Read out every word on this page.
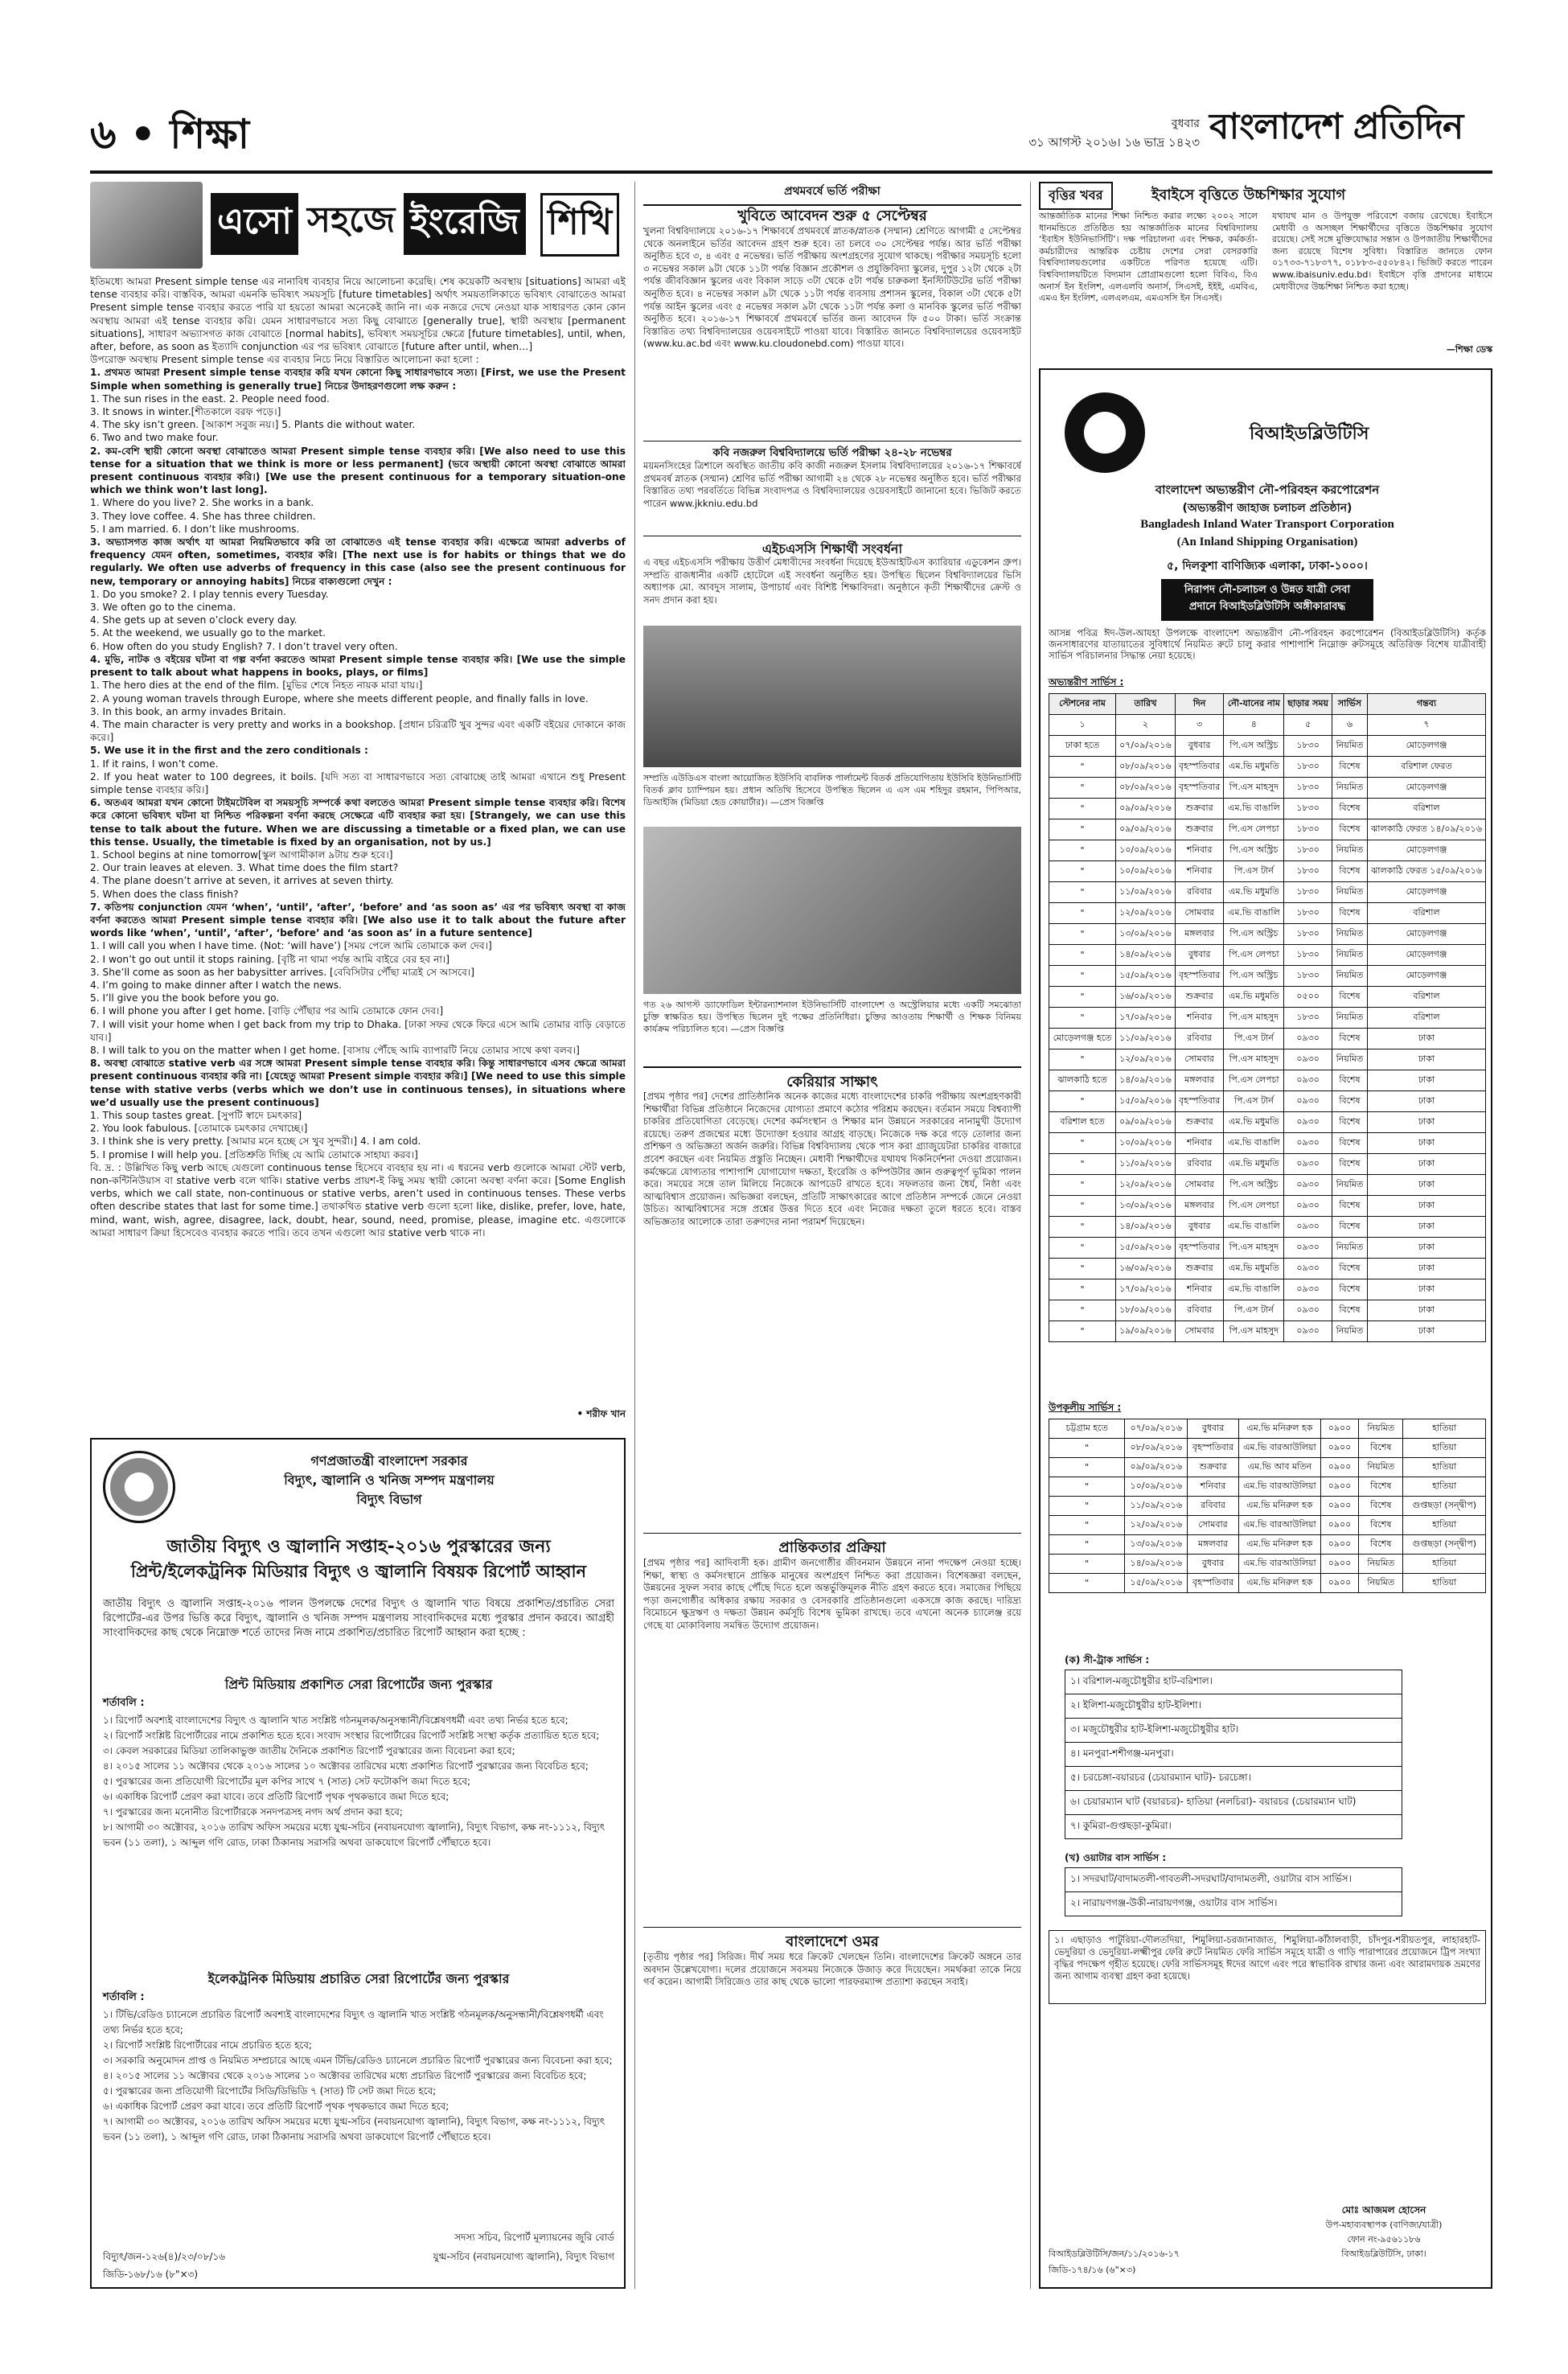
৬ • শিক্ষা	বুধবার
৩১ আগস্ট ২০১৬। ১৬ ভাদ্র ১৪২৩ বাংলাদেশ প্রতিদিন
এসো সহজে ইংরেজি শিখি

ইতিমধ্যে আমরা Present simple tense এর নানাবিধ ব্যবহার নিয়ে আলোচনা করেছি। শেষ কয়েকটি অবস্থায় [situations] আমরা এই tense ব্যবহার করি। বাস্তবিক, আমরা এমনকি ভবিষ্যৎ সময়সূচি [future timetables] অর্থাৎ সময়তালিকাতে ভবিষ্যৎ বোঝাতেও আমরা Present simple tense ব্যবহার করতে পারি যা হয়তো আমরা অনেকেই জানি না। এক নজরে দেখে নেওয়া যাক সাধারণত কোন কোন অবস্থায় আমরা এই tense ব্যবহার করি। যেমন সাধারণভাবে সত্য কিছু বোঝাতে [generally true], স্থায়ী অবস্থায় [permanent situations], সাধারণ অভ্যাসগত কাজ বোঝাতে [normal habits], ভবিষ্যৎ সময়সূচির ক্ষেত্রে [future timetables], until, when, after, before, as soon as ইত্যাদি conjunction এর পর ভবিষ্যৎ বোঝাতে [future after until, when…]

উপরোক্ত অবস্থায় Present simple tense এর ব্যবহার নিচে নিয়ে বিস্তারিত আলোচনা করা হলো :

1. প্রথমত আমরা Present simple tense ব্যবহার করি যখন কোনো কিছু সাধারণভাবে সত্য। [First, we use the Present Simple when something is generally true] নিচের উদাহরণগুলো লক্ষ করুন :

1. The sun rises in the east. 2. People need food.
3. It snows in winter.[শীতকালে বরফ পড়ে।]
4. The sky isn’t green. [আকাশ সবুজ নয়।] 5. Plants die without water.
6. Two and two make four.

2. কম-বেশি স্থায়ী কোনো অবস্থা বোঝাতেও আমরা Present simple tense ব্যবহার করি। [We also need to use this tense for a situation that we think is more or less permanent] (ভবে অস্থায়ী কোনো অবস্থা বোঝাতে আমরা present continuous ব্যবহার করি।) [We use the present continuous for a temporary situation-one which we think won’t last long].

1. Where do you live? 2. She works in a bank.
3. They love coffee. 4. She has three children.
5. I am married. 6. I don’t like mushrooms.

3. অভ্যাসগত কাজ অর্থাৎ যা আমরা নিয়মিতভাবে করি তা বোঝাতেও এই tense ব্যবহার করি। এক্ষেত্রে আমরা adverbs of frequency যেমন often, sometimes, ব্যবহার করি। [The next use is for habits or things that we do regularly. We often use adverbs of frequency in this case (also see the present continuous for new, temporary or annoying habits] নিচের বাক্যগুলো দেখুন :

1. Do you smoke? 2. I play tennis every Tuesday.
3. We often go to the cinema.
4. She gets up at seven o’clock every day.
5. At the weekend, we usually go to the market.
6. How often do you study English? 7. I don’t travel very often.

4. মুভি, নাটক ও বইয়ের ঘটনা বা গল্প বর্ণনা করতেও আমরা Present simple tense ব্যবহার করি। [We use the simple present to talk about what happens in books, plays, or films]

1. The hero dies at the end of the film. [মুভির শেষে নিহত নায়ক মারা যায়।]
2. A young woman travels through Europe, where she meets different people, and finally falls in love.
3. In this book, an army invades Britain.
4. The main character is very pretty and works in a bookshop. [প্রধান চরিত্রটি খুব সুন্দর এবং একটি বইয়ের দোকানে কাজ করে।]

5. We use it in the first and the zero conditionals :

1. If it rains, I won’t come.
2. If you heat water to 100 degrees, it boils. [যদি সত্য বা সাধারণভাবে সত্য বোঝাচ্ছে তাই আমরা এখানে শুধু Present simple tense ব্যবহার করি।]

6. অতএব আমরা যখন কোনো টাইমটেবিল বা সময়সূচি সম্পর্কে কথা বলতেও আমরা Present simple tense ব্যবহার করি। বিশেষ করে কোনো ভবিষ্যৎ ঘটনা যা নিশ্চিত পরিকল্পনা বর্ণনা করছে সেক্ষেত্রে এটি ব্যবহার করা হয়। [Strangely, we can use this tense to talk about the future. When we are discussing a timetable or a fixed plan, we can use this tense. Usually, the timetable is fixed by an organisation, not by us.]

1. School begins at nine tomorrow[স্কুল আগামীকাল ৯টায় শুরু হবে।]
2. Our train leaves at eleven. 3. What time does the film start?
4. The plane doesn’t arrive at seven, it arrives at seven thirty.
5. When does the class finish?

7. কতিপয় conjunction যেমন ‘when’, ‘until’, ‘after’, ‘before’ and ‘as soon as’ এর পর ভবিষ্যৎ অবস্থা বা কাজ বর্ণনা করতেও আমরা Present simple tense ব্যবহার করি। [We also use it to talk about the future after words like ‘when’, ‘until’, ‘after’, ‘before’ and ‘as soon as’ in a future sentence]

1. I will call you when I have time. (Not: ‘will have’) [সময় পেলে আমি তোমাকে কল দেব।]
2. I won’t go out until it stops raining. [বৃষ্টি না থামা পর্যন্ত আমি বাইরে বের হব না।]
3. She’ll come as soon as her babysitter arrives. [বেবিসিটার পৌঁছা মাত্রই সে আসবে।]
4. I’m going to make dinner after I watch the news.
5. I’ll give you the book before you go.
6. I will phone you after I get home. [বাড়ি পৌঁছার পর আমি তোমাকে ফোন দেব।]
7. I will visit your home when I get back from my trip to Dhaka. [ঢাকা সফর থেকে ফিরে এসে আমি তোমার বাড়ি বেড়াতে যাব।]
8. I will talk to you on the matter when I get home. [বাসায় পৌঁছে আমি ব্যাপারটি নিয়ে তোমার সাথে কথা বলব।]

8. অবস্থা বোঝাতে stative verb এর সঙ্গে আমরা Present simple tense ব্যবহার করি। কিন্তু সাধারণভাবে এসব ক্ষেত্রে আমরা present continuous ব্যবহার করি না। [যেহেতু আমরা Present simple ব্যবহার করি।] [We need to use this simple tense with stative verbs (verbs which we don’t use in continuous tenses), in situations where we’d usually use the present continuous]

1. This soup tastes great. [সুপটি স্বাদে চমৎকার]
2. You look fabulous. [তোমাকে চমৎকার দেখাচ্ছে।]
3. I think she is very pretty. [আমার মনে হচ্ছে সে খুব সুন্দরী।] 4. I am cold.
5. I promise I will help you. [প্রতিশ্রুতি দিচ্ছি যে আমি তোমাকে সাহায্য করব।]

বি. দ্র. : উল্লিখিত কিছু verb আছে যেগুলো continuous tense হিসেবে ব্যবহার হয় না। এ ধরনের verb গুলোকে আমরা স্টেট verb, non-কন্টিনিউয়াস বা stative verb বলে থাকি। stative verbs প্রায়শ-ই কিছু সময় স্থায়ী কোনো অবস্থা বর্ণনা করে। [Some English verbs, which we call state, non-continuous or stative verbs, aren’t used in continuous tenses. These verbs often describe states that last for some time.] তথাকথিত stative verb গুলো হলো like, dislike, prefer, love, hate, mind, want, wish, agree, disagree, lack, doubt, hear, sound, need, promise, please, imagine etc. এগুলোকে আমরা সাধারণ ক্রিয়া হিসেবেও ব্যবহার করতে পারি। তবে তখন এগুলো আর stative verb থাকে না।

• শরীফ খান
গণপ্রজাতন্ত্রী বাংলাদেশ সরকার
বিদ্যুৎ, জ্বালানি ও খনিজ সম্পদ মন্ত্রণালয়
বিদ্যুৎ বিভাগ
জাতীয় বিদ্যুৎ ও জ্বালানি সপ্তাহ-২০১৬ পুরস্কারের জন্য
প্রিন্ট/ইলেকট্রনিক মিডিয়ার বিদ্যুৎ ও জ্বালানি বিষয়ক রিপোর্ট আহ্বান
জাতীয় বিদ্যুৎ ও জ্বালানি সপ্তাহ-২০১৬ পালন উপলক্ষে দেশের বিদ্যুৎ ও জ্বালানি খাত বিষয়ে প্রকাশিত/প্রচারিত সেরা রিপোর্টের-এর উপর ভিত্তি করে বিদ্যুৎ, জ্বালানি ও খনিজ সম্পদ মন্ত্রণালয় সাংবাদিকদের মধ্যে পুরস্কার প্রদান করবে। আগ্রহী সাংবাদিকদের কাছ থেকে নিম্নোক্ত শর্তে তাদের নিজ নামে প্রকাশিত/প্রচারিত রিপোর্ট আহ্বান করা হচ্ছে :
প্রিন্ট মিডিয়ায় প্রকাশিত সেরা রিপোর্টের জন্য পুরস্কার
শর্তাবলি :
১। রিপোর্ট অবশ্যই বাংলাদেশের বিদ্যুৎ ও জ্বালানি খাত সংশ্লিষ্ট গঠনমূলক/অনুসন্ধানী/বিশ্লেষণধর্মী এবং তথ্য নির্ভর হতে হবে;
২। রিপোর্ট সংশ্লিষ্ট রিপোর্টারের নামে প্রকাশিত হতে হবে। সংবাদ সংস্থার রিপোর্টারের রিপোর্ট সংশ্লিষ্ট সংস্থা কর্তৃক প্রত্যায়িত হতে হবে;
৩। কেবল সরকারের মিডিয়া তালিকাভুক্ত জাতীয় দৈনিকে প্রকাশিত রিপোর্ট পুরস্কারের জন্য বিবেচনা করা হবে;
৪। ২০১৫ সালের ১১ অক্টোবর থেকে ২০১৬ সালের ১০ অক্টোবর তারিখের মধ্যে প্রকাশিত রিপোর্ট পুরস্কারের জন্য বিবেচিত হবে;
৫। পুরস্কারের জন্য প্রতিযোগী রিপোর্টের মূল কপির সাথে ৭ (সাত) সেট ফটোকপি জমা দিতে হবে;
৬। একাধিক রিপোর্ট প্রেরণ করা যাবে। তবে প্রতিটি রিপোর্ট পৃথক পৃথকভাবে জমা দিতে হবে;
৭। পুরস্কারের জন্য মনোনীত রিপোর্টারকে সনদপত্রসহ নগদ অর্থ প্রদান করা হবে;
৮। আগামী ৩০ অক্টোবর, ২০১৬ তারিখ অফিস সময়ের মধ্যে যুগ্ম-সচিব (নবায়নযোগ্য জ্বালানি), বিদ্যুৎ বিভাগ, কক্ষ নং-১১১২, বিদ্যুৎ ভবন (১১ তলা), ১ আব্দুল গণি রোড, ঢাকা ঠিকানায় সরাসরি অথবা ডাকযোগে রিপোর্ট পৌঁছাতে হবে।
ইলেকট্রনিক মিডিয়ায় প্রচারিত সেরা রিপোর্টের জন্য পুরস্কার
শর্তাবলি :
১। টিভি/রেডিও চ্যানেলে প্রচারিত রিপোর্ট অবশ্যই বাংলাদেশের বিদ্যুৎ ও জ্বালানি খাত সংশ্লিষ্ট গঠনমূলক/অনুসন্ধানী/বিশ্লেষণধর্মী এবং তথ্য নির্ভর হতে হবে;
২। রিপোর্ট সংশ্লিষ্ট রিপোর্টারের নামে প্রচারিত হতে হবে;
৩। সরকারি অনুমোদন প্রাপ্ত ও নিয়মিত সম্প্রচারে আছে এমন টিভি/রেডিও চ্যানেলে প্রচারিত রিপোর্ট পুরস্কারের জন্য বিবেচনা করা হবে;
৪। ২০১৫ সালের ১১ অক্টোবর থেকে ২০১৬ সালের ১০ অক্টোবর তারিখের মধ্যে প্রচারিত রিপোর্ট পুরস্কারের জন্য বিবেচিত হবে;
৫। পুরস্কারের জন্য প্রতিযোগী রিপোর্টের সিডি/ডিভিডি ৭ (সাত) টি সেট জমা দিতে হবে;
৬। একাধিক রিপোর্ট প্রেরণ করা যাবে। তবে প্রতিটি রিপোর্ট পৃথক পৃথকভাবে জমা দিতে হবে;
৭। আগামী ৩০ অক্টোবর, ২০১৬ তারিখ অফিস সময়ের মধ্যে যুগ্ম-সচিব (নবায়নযোগ্য জ্বালানি), বিদ্যুৎ বিভাগ, কক্ষ নং-১১১২, বিদ্যুৎ ভবন (১১ তলা), ১ আব্দুল গণি রোড, ঢাকা ঠিকানায় সরাসরি অথবা ডাকযোগে রিপোর্ট পৌঁছাতে হবে।
সদস্য সচিব, রিপোর্ট মূল্যায়নের জুরি বোর্ড
বিদ্যুৎ/জন-১২৬(৪)/২৩/০৮/১৬	যুগ্ম-সচিব (নবায়নযোগ্য জ্বালানি), বিদ্যুৎ বিভাগ
জিডি-১৬৮/১৬ (৮"×৩)
প্রথমবর্ষে ভর্তি পরীক্ষা
খুবিতে আবেদন শুরু ৫ সেপ্টেম্বর
খুলনা বিশ্ববিদ্যালয়ে ২০১৬-১৭ শিক্ষাবর্ষে প্রথমবর্ষে স্নাতক/স্নাতক (সম্মান) শ্রেণিতে আগামী ৫ সেপ্টেম্বর থেকে অনলাইনে ভর্তির আবেদন গ্রহণ শুরু হবে। তা চলবে ৩০ সেপ্টেম্বর পর্যন্ত। আর ভর্তি পরীক্ষা অনুষ্ঠিত হবে ৩, ৪ এবং ৫ নভেম্বর। ভর্তি পরীক্ষায় অংশগ্রহণের সুযোগ থাকছে। পরীক্ষার সময়সূচি হলো ৩ নভেম্বর সকাল ৯টা থেকে ১১টা পর্যন্ত বিজ্ঞান প্রকৌশল ও প্রযুক্তিবিদ্যা স্কুলের, দুপুর ১২টা থেকে ২টা পর্যন্ত জীববিজ্ঞান স্কুলের এবং বিকাল সাড়ে ৩টা থেকে ৫টা পর্যন্ত চারুকলা ইনস্টিটিউটের ভর্তি পরীক্ষা অনুষ্ঠিত হবে। ৪ নভেম্বর সকাল ৯টা থেকে ১১টা পর্যন্ত ব্যবসায় প্রশাসন স্কুলের, বিকাল ৩টা থেকে ৫টা পর্যন্ত আইন স্কুলের এবং ৫ নভেম্বর সকাল ৯টা থেকে ১১টা পর্যন্ত কলা ও মানবিক স্কুলের ভর্তি পরীক্ষা অনুষ্ঠিত হবে। ২০১৬-১৭ শিক্ষাবর্ষে প্রথমবর্ষে ভর্তির জন্য আবেদন ফি ৫০০ টাকা। ভর্তি সংক্রান্ত বিস্তারিত তথ্য বিশ্ববিদ্যালয়ের ওয়েবসাইটে পাওয়া যাবে। বিস্তারিত জানতে বিশ্ববিদ্যালয়ের ওয়েবসাইট (www.ku.ac.bd এবং www.ku.cloudonebd.com) পাওয়া যাবে।
কবি নজরুল বিশ্ববিদ্যালয়ে ভর্তি পরীক্ষা ২৪-২৮ নভেম্বর
ময়মনসিংহের ত্রিশালে অবস্থিত জাতীয় কবি কাজী নজরুল ইসলাম বিশ্ববিদ্যালয়ের ২০১৬-১৭ শিক্ষাবর্ষে প্রথমবর্ষ স্নাতক (সম্মান) শ্রেণির ভর্তি পরীক্ষা আগামী ২৪ থেকে ২৮ নভেম্বর অনুষ্ঠিত হবে। ভর্তি পরীক্ষার বিস্তারিত তথ্য পরবর্তিতে বিভিন্ন সংবাদপত্র ও বিশ্ববিদ্যালয়ের ওয়েবসাইটে জানানো হবে। ভিজিট করতে পারেন www.jkkniu.edu.bd
এইচএসসি শিক্ষার্থী সংবর্ধনা
এ বছর এইচএসসি পরীক্ষায় উত্তীর্ণ মেধাবীদের সংবর্ধনা দিয়েছে ইউআইটিএস ক্যারিয়ার এডুকেশন গ্রুপ। সম্প্রতি রাজধানীর একটি হোটেলে এই সংবর্ধনা অনুষ্ঠিত হয়। উপস্থিত ছিলেন বিশ্ববিদ্যালয়ের ভিসি অধ্যাপক মো. আবদুস সালাম, উপাচার্য এবং বিশিষ্ট শিক্ষাবিদরা। অনুষ্ঠানে কৃতী শিক্ষার্থীদের ক্রেস্ট ও সনদ প্রদান করা হয়।
সম্প্রতি এউডিএস বাংলা আয়োজিত ইউসিবি বাবলিক পার্লামেন্ট বিতর্ক প্রতিযোগিতায় ইউসিবি ইউনিভার্সিটি বিতর্ক ক্লাব চ্যাম্পিয়ন হয়। প্রধান অতিথি হিসেবে উপস্থিত ছিলেন এ এস এম শহিদুর রহমান, পিপিআর, ডিআইজি (মিডিয়া হেড কোয়ার্টার)। —প্রেস বিজ্ঞপ্তি
গত ২৬ আগস্ট ড্যাফোডিল ইন্টারন্যাশনাল ইউনিভার্সিটি বাংলাদেশ ও অস্ট্রেলিয়ার মধ্যে একটি সমঝোতা চুক্তি স্বাক্ষরিত হয়। উপস্থিত ছিলেন দুই পক্ষের প্রতিনিধিরা। চুক্তির আওতায় শিক্ষার্থী ও শিক্ষক বিনিময় কার্যক্রম পরিচালিত হবে। —প্রেস বিজ্ঞপ্তি
কেরিয়ার সাক্ষাৎ
[প্রথম পৃষ্ঠার পর] দেশের প্রাতিষ্ঠানিক অনেক কাজের মধ্যে বাংলাদেশের চাকরি পরীক্ষায় অংশগ্রহণকারী শিক্ষার্থীরা বিভিন্ন প্রতিষ্ঠানে নিজেদের যোগ্যতা প্রমাণে কঠোর পরিশ্রম করছেন। বর্তমান সময়ে বিশ্বব্যাপী চাকরির প্রতিযোগিতা বেড়েছে। দেশের কর্মসংস্থান ও শিক্ষার মান উন্নয়নে সরকারের নানামুখী উদ্যোগ রয়েছে। তরুণ প্রজন্মের মধ্যে উদ্যোক্তা হওয়ার আগ্রহ বাড়ছে। নিজেকে দক্ষ করে গড়ে তোলার জন্য প্রশিক্ষণ ও অভিজ্ঞতা অর্জন জরুরি। বিভিন্ন বিশ্ববিদ্যালয় থেকে পাস করা গ্র্যাজুয়েটরা চাকরির বাজারে প্রবেশ করছেন এবং নিয়মিত প্রস্তুতি নিচ্ছেন। মেধাবী শিক্ষার্থীদের যথাযথ দিকনির্দেশনা দেওয়া প্রয়োজন। কর্মক্ষেত্রে যোগ্যতার পাশাপাশি যোগাযোগ দক্ষতা, ইংরেজি ও কম্পিউটার জ্ঞান গুরুত্বপূর্ণ ভূমিকা পালন করে। সময়ের সঙ্গে তাল মিলিয়ে নিজেকে আপডেট রাখতে হবে। সফলতার জন্য ধৈর্য, নিষ্ঠা এবং আত্মবিশ্বাস প্রয়োজন। অভিজ্ঞরা বলছেন, প্রতিটি সাক্ষাৎকারের আগে প্রতিষ্ঠান সম্পর্কে জেনে নেওয়া উচিত। আত্মবিশ্বাসের সঙ্গে প্রশ্নের উত্তর দিতে হবে এবং নিজের দক্ষতা তুলে ধরতে হবে। বাস্তব অভিজ্ঞতার আলোকে তারা তরুণদের নানা পরামর্শ দিয়েছেন।
প্রান্তিকতার প্রক্রিয়া
[প্রথম পৃষ্ঠার পর] আদিবাসী হক। গ্রামীণ জনগোষ্ঠীর জীবনমান উন্নয়নে নানা পদক্ষেপ নেওয়া হচ্ছে। শিক্ষা, স্বাস্থ্য ও কর্মসংস্থানে প্রান্তিক মানুষের অংশগ্রহণ নিশ্চিত করা প্রয়োজন। বিশেষজ্ঞরা বলছেন, উন্নয়নের সুফল সবার কাছে পৌঁছে দিতে হলে অন্তর্ভুক্তিমূলক নীতি গ্রহণ করতে হবে। সমাজের পিছিয়ে পড়া জনগোষ্ঠীর অধিকার রক্ষায় সরকার ও বেসরকারি প্রতিষ্ঠানগুলো একসঙ্গে কাজ করছে। দারিদ্র্য বিমোচনে ক্ষুদ্রঋণ ও দক্ষতা উন্নয়ন কর্মসূচি বিশেষ ভূমিকা রাখছে। তবে এখনো অনেক চ্যালেঞ্জ রয়ে গেছে যা মোকাবিলায় সমন্বিত উদ্যোগ প্রয়োজন।
বাংলাদেশে ওমর
[তৃতীয় পৃষ্ঠার পর] সিরিজ। দীর্ঘ সময় ধরে ক্রিকেট খেলছেন তিনি। বাংলাদেশের ক্রিকেট অঙ্গনে তার অবদান উল্লেখযোগ্য। দলের প্রয়োজনে সবসময় নিজেকে উজাড় করে দিয়েছেন। সমর্থকরা তাকে নিয়ে গর্ব করেন। আগামী সিরিজেও তার কাছ থেকে ভালো পারফরম্যান্স প্রত্যাশা করছেন সবাই।
বৃত্তির খবর	ইবাইসে বৃত্তিতে উচ্চশিক্ষার সুযোগ
আন্তর্জাতিক মানের শিক্ষা নিশ্চিত করার লক্ষ্যে ২০০২ সালে ধানমন্ডিতে প্রতিষ্ঠিত হয় আন্তর্জাতিক মানের বিশ্ববিদ্যালয় ‘ইবাইস ইউনিভার্সিটি’। দক্ষ পরিচালনা এবং শিক্ষক, কর্মকর্তা-কর্মচারীদের আন্তরিক চেষ্টায় দেশের সেরা বেসরকারি বিশ্ববিদ্যালয়গুলোর একটিতে পরিণত হয়েছে এটি। বিশ্ববিদ্যালয়টিতে বিদ্যমান প্রোগ্রামগুলো হলো বিবিএ, বিএ অনার্স ইন ইংলিশ, এলএলবি অনার্স, সিএসই, ইইই, এমবিএ, এমএ ইন ইংলিশ, এলএলএম, এমএসসি ইন সিএসই।
যথাযথ মান ও উপযুক্ত পরিবেশে বজায় রেখেছে। ইবাইসে মেধাবী ও অসচ্ছল শিক্ষার্থীদের বৃত্তিতে উচ্চশিক্ষার সুযোগ রয়েছে। সেই সঙ্গে মুক্তিযোদ্ধার সন্তান ও উপজাতীয় শিক্ষার্থীদের জন্য রয়েছে বিশেষ সুবিধা। বিস্তারিত জানতে ফোন ০১৭৩৩-৭১৮৩৭৭, ০১৮৮৩-৫৫০৮৪২। ভিজিট করতে পারেন www.ibaisuniv.edu.bd। ইবাইসে বৃত্তি প্রদানের মাধ্যমে মেধাবীদের উচ্চশিক্ষা নিশ্চিত করা হচ্ছে।
—শিক্ষা ডেস্ক
বিআইডব্লিউটিসি
বাংলাদেশ অভ্যন্তরীণ নৌ-পরিবহন করপোরেশন
(অভ্যন্তরীণ জাহাজ চলাচল প্রতিষ্ঠান)
Bangladesh Inland Water Transport Corporation
(An Inland Shipping Organisation)
৫, দিলকুশা বাণিজ্যিক এলাকা, ঢাকা-১০০০।
নিরাপদ নৌ-চলাচল ও উন্নত যাত্রী সেবা
প্রদানে বিআইডব্লিউটিসি অঙ্গীকারাবদ্ধ
আসন্ন পবিত্র ঈদ-উল-আযহা উপলক্ষে বাংলাদেশ অভ্যন্তরীণ নৌ-পরিবহন করপোরেশন (বিআইডব্লিউটিসি) কর্তৃক জনসাধারণের যাতায়াতের সুবিধার্থে নিয়মিত রুটে চালু করার পাশাপাশি নিম্নোক্ত রুটসমূহে অতিরিক্ত বিশেষ যাত্রীবাহী সার্ভিস পরিচালনার সিদ্ধান্ত নেয়া হয়েছে।
অভ্যন্তরীণ সার্ভিস :
স্টেশনের নাম	তারিখ	দিন	নৌ-যানের নাম	ছাড়ার সময়	সার্ভিস	গন্তব্য
১	২	৩	৪	৫	৬	৭
ঢাকা হতে	০৭/০৯/২০১৬	বুধবার	পি.এস অস্ট্রিচ	১৮৩০	নিয়মিত	মোড়েলগঞ্জ
"	০৮/০৯/২০১৬	বৃহস্পতিবার	এম.ভি মধুমতি	১৮৩০	বিশেষ	বরিশাল ফেরত
"	০৮/০৯/২০১৬	বৃহস্পতিবার	পি.এস মাহসুদ	১৮৩০	নিয়মিত	মোড়েলগঞ্জ
"	০৯/০৯/২০১৬	শুক্রবার	এম.ভি বাঙালি	১৮৩০	বিশেষ	বরিশাল
"	০৯/০৯/২০১৬	শুক্রবার	পি.এস লেপচা	১৮৩০	বিশেষ	ঝালকাঠি ফেরত ১৪/০৯/২০১৬
"	১০/০৯/২০১৬	শনিবার	পি.এস অস্ট্রিচ	১৮৩০	নিয়মিত	মোড়েলগঞ্জ
"	১০/০৯/২০১৬	শনিবার	পি.এস টার্ন	১৮৩০	বিশেষ	ঝালকাঠি ফেরত ১৫/০৯/২০১৬
"	১১/০৯/২০১৬	রবিবার	এম.ভি মধুমতি	১৮৩০	নিয়মিত	মোড়েলগঞ্জ
"	১২/০৯/২০১৬	সোমবার	এম.ভি বাঙালি	১৮৩০	বিশেষ	বরিশাল
"	১৩/০৯/২০১৬	মঙ্গলবার	পি.এস অস্ট্রিচ	১৮৩০	নিয়মিত	মোড়েলগঞ্জ
"	১৪/০৯/২০১৬	বুধবার	পি.এস লেপচা	১৮৩০	নিয়মিত	মোড়েলগঞ্জ
"	১৫/০৯/২০১৬	বৃহস্পতিবার	পি.এস অস্ট্রিচ	১৮৩০	নিয়মিত	মোড়েলগঞ্জ
"	১৬/০৯/২০১৬	শুক্রবার	এম.ভি মধুমতি	০৫০০	বিশেষ	বরিশাল
"	১৭/০৯/২০১৬	শনিবার	পি.এস মাহসুদ	১৮৩০	নিয়মিত	বরিশাল
মোড়েলগঞ্জ হতে	১১/০৯/২০১৬	রবিবার	পি.এস টার্ন	০৯৩০	বিশেষ	ঢাকা
"	১২/০৯/২০১৬	সোমবার	পি.এস মাহসুদ	০৯৩০	নিয়মিত	ঢাকা
ঝালকাঠি হতে	১৪/০৯/২০১৬	মঙ্গলবার	পি.এস লেপচা	০৯৩০	বিশেষ	ঢাকা
"	১৫/০৯/২০১৬	বৃহস্পতিবার	পি.এস টার্ন	০৯৩০	বিশেষ	ঢাকা
বরিশাল হতে	০৯/০৯/২০১৬	শুক্রবার	এম.ভি মধুমতি	০৯৩০	বিশেষ	ঢাকা
"	১০/০৯/২০১৬	শনিবার	এম.ভি বাঙালি	০৯৩০	বিশেষ	ঢাকা
"	১১/০৯/২০১৬	রবিবার	এম.ভি মধুমতি	০৯৩০	বিশেষ	ঢাকা
"	১২/০৯/২০১৬	সোমবার	পি.এস অস্ট্রিচ	০৯৩০	নিয়মিত	ঢাকা
"	১৩/০৯/২০১৬	মঙ্গলবার	পি.এস লেপচা	০৯৩০	বিশেষ	ঢাকা
"	১৪/০৯/২০১৬	বুধবার	এম.ভি বাঙালি	০৯৩০	বিশেষ	ঢাকা
"	১৫/০৯/২০১৬	বৃহস্পতিবার	পি.এস মাহসুদ	০৯৩০	নিয়মিত	ঢাকা
"	১৬/০৯/২০১৬	শুক্রবার	এম.ভি মধুমতি	০৯৩০	বিশেষ	ঢাকা
"	১৭/০৯/২০১৬	শনিবার	এম.ভি বাঙালি	০৯৩০	বিশেষ	ঢাকা
"	১৮/০৯/২০১৬	রবিবার	পি.এস টার্ন	০৯৩০	বিশেষ	ঢাকা
"	১৯/০৯/২০১৬	সোমবার	পি.এস মাহসুদ	০৯৩০	নিয়মিত	ঢাকা
উপকূলীয় সার্ভিস :
চট্টগ্রাম হতে	০৭/০৯/২০১৬	বুধবার	এম.ভি মনিরুল হক	০৯০০	নিয়মিত	হাতিয়া
"	০৮/০৯/২০১৬	বৃহস্পতিবার	এম.ভি বারআউলিয়া	০৯০০	বিশেষ	হাতিয়া
"	০৯/০৯/২০১৬	শুক্রবার	এম.ভি আব মতিন	০৯০০	নিয়মিত	হাতিয়া
"	১০/০৯/২০১৬	শনিবার	এম.ভি বারআউলিয়া	০৯০০	বিশেষ	হাতিয়া
"	১১/০৯/২০১৬	রবিবার	এম.ভি মনিরুল হক	০৯০০	বিশেষ	গুপ্তছড়া (সন্দ্বীপ)
"	১২/০৯/২০১৬	সোমবার	এম.ভি বারআউলিয়া	০৯০০	বিশেষ	হাতিয়া
"	১৩/০৯/২০১৬	মঙ্গলবার	এম.ভি মনিরুল হক	০৯০০	বিশেষ	গুপ্তছড়া (সন্দ্বীপ)
"	১৪/০৯/২০১৬	বুধবার	এম.ভি বারআউলিয়া	০৯০০	নিয়মিত	হাতিয়া
"	১৫/০৯/২০১৬	বৃহস্পতিবার	এম.ভি মনিরুল হক	০৯০০	নিয়মিত	হাতিয়া
(ক) সী-ট্রাক সার্ভিস :
১। বরিশাল-মজুচৌধুরীর হাট-বরিশাল।
২। ইলিশা-মজুচৌধুরীর হাট-ইলিশা।
৩। মজুচৌধুরীর হাট-ইলিশা-মজুচৌধুরীর হাট।
৪। মনপুরা-শশীগঞ্জ-মনপুরা।
৫। চরচেঙ্গা-বয়ারচর (চেয়ারম্যান ঘাট)- চরচেঙ্গা।
৬। চেয়ারম্যান ঘাট (বয়ারচর)- হাতিয়া (নলচিরা)- বয়ারচর (চেয়ারম্যান ঘাট)
৭। কুমিরা-গুপ্তছড়া-কুমিরা।
(খ) ওয়াটার বাস সার্ভিস :
১। সদরঘাট/বাদামতলী-গাবতলী-সদরঘাট/বাদামতলী, ওয়াটার বাস সার্ভিস।
২। নারায়ণগঞ্জ-উকী-নারায়ণগঞ্জ, ওয়াটার বাস সার্ভিস।
১। এছাড়াও পাটুরিয়া-দৌলতদিয়া, শিমুলিয়া-চরজানাজাত, শিমুলিয়া-কাঁঠালবাড়ী, চাঁদপুর-শরীয়তপুর, লাহারহাট-ভেদুরিয়া ও ভেদুরিয়া-লক্ষ্মীপুর ফেরি রুটে নিয়মিত ফেরি সার্ভিস সমূহে যাত্রী ও গাড়ি পারাপারের প্রয়োজনে ট্রিপ সংখ্যা বৃদ্ধির পদক্ষেপ গৃহীত হয়েছে। ফেরি সার্ভিসসমূহ ঈদের আগে এবং পরে স্বাভাবিক রাখার জন্য এবং আরামদায়ক ভ্রমণের জন্য আগাম ব্যবস্থা গ্রহণ করা হয়েছে।
মোঃ আজমল হোসেন
উপ-মহাব্যবস্থাপক (বাণিজ্য/যাত্রী)
ফোন নং-৯৫৬১১৮৬
বিআইডব্লিউটিসি/জন/১১/২০১৬-১৭	বিআইডব্লিউটিসি, ঢাকা।
জিডি-১৭৪/১৬ (৬"×৩)
